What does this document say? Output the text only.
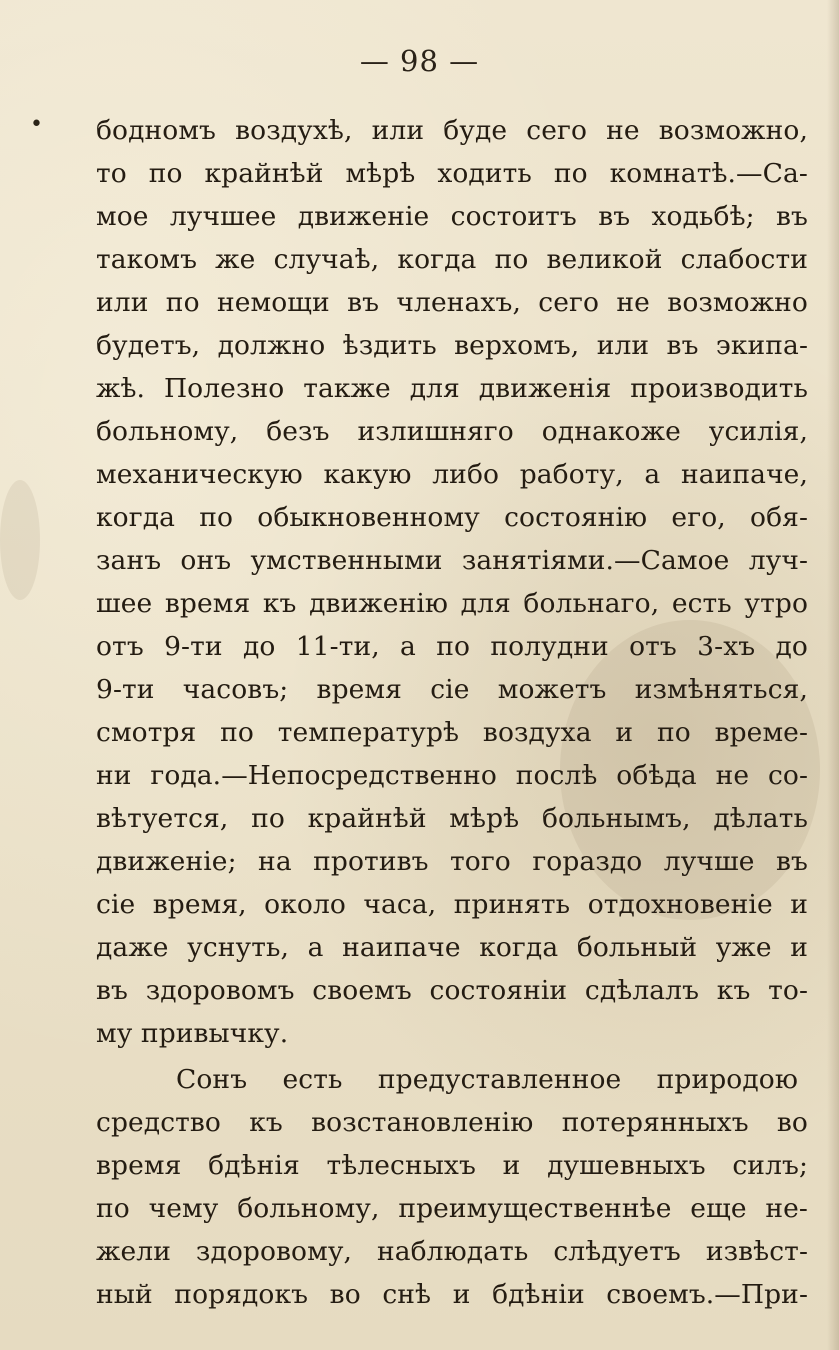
•
— 98 —
бодномъ воздухѣ, или буде сего не возможно,
то по крайнѣй мѣрѣ ходить по комнатѣ.—Са-
мое лучшее движеніе состоитъ въ ходьбѣ; въ
такомъ же случаѣ, когда по великой слабости
или по немощи въ членахъ, сего не возможно
будетъ, должно ѣздить верхомъ, или въ экипа-
жѣ. Полезно также для движенія производить
больному, безъ излишняго однакоже усилія,
механическую какую либо работу, а наипаче,
когда по обыкновенному состоянію его, обя-
занъ онъ умственными занятіями.—Самое луч-
шее время къ движенію для больнаго, есть утро
отъ 9-ти до 11-ти, а по полудни отъ 3-хъ до
9-ти часовъ; время сіе можетъ измѣняться,
смотря по температурѣ воздуха и по време-
ни года.—Непосредственно послѣ обѣда не со-
вѣтуется, по крайнѣй мѣрѣ больнымъ, дѣлать
движеніе; на противъ того гораздо лучше въ
сіе время, около часа, принять отдохновеніе и
даже уснуть, а наипаче когда больный уже и
въ здоровомъ своемъ состояніи сдѣлалъ къ то-
му привычку.
Сонъ есть предуставленное природою
средство къ возстановленію потерянныхъ во
время бдѣнія тѣлесныхъ и душевныхъ силъ;
по чему больному, преимущественнѣе еще не-
жели здоровому, наблюдать слѣдуетъ извѣст-
ный порядокъ во снѣ и бдѣніи своемъ.—При-
